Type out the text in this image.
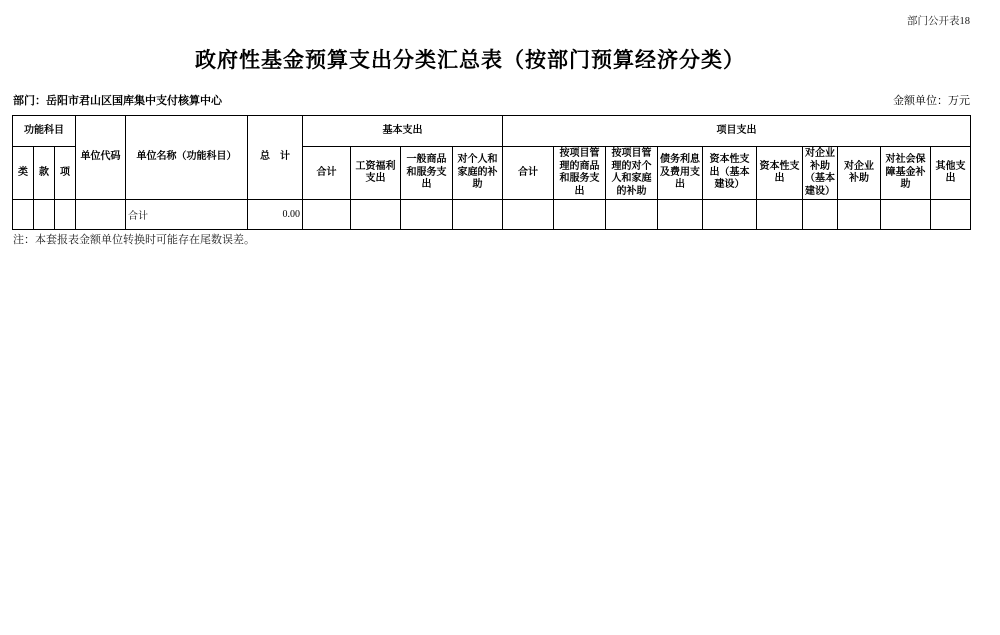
部门公开表18
政府性基金预算支出分类汇总表（按部门预算经济分类）
部门：岳阳市君山区国库集中支付核算中心	金额单位：万元
功能科目			单位代码	单位名称（功能科目）	总　计	基本支出				项目支出									
类	款	项				合计	工资福利支出	一般商品和服务支出	对个人和家庭的补助	合计	按项目管理的商品和服务支出	按项目管理的对个人和家庭的补助	债务利息及费用支出	资本性支出（基本建设）	资本性支出	对企业补助（基本建设）	对企业补助	对社会保障基金补助	其他支出
				合计	0.00														
注：本套报表金额单位转换时可能存在尾数误差。
